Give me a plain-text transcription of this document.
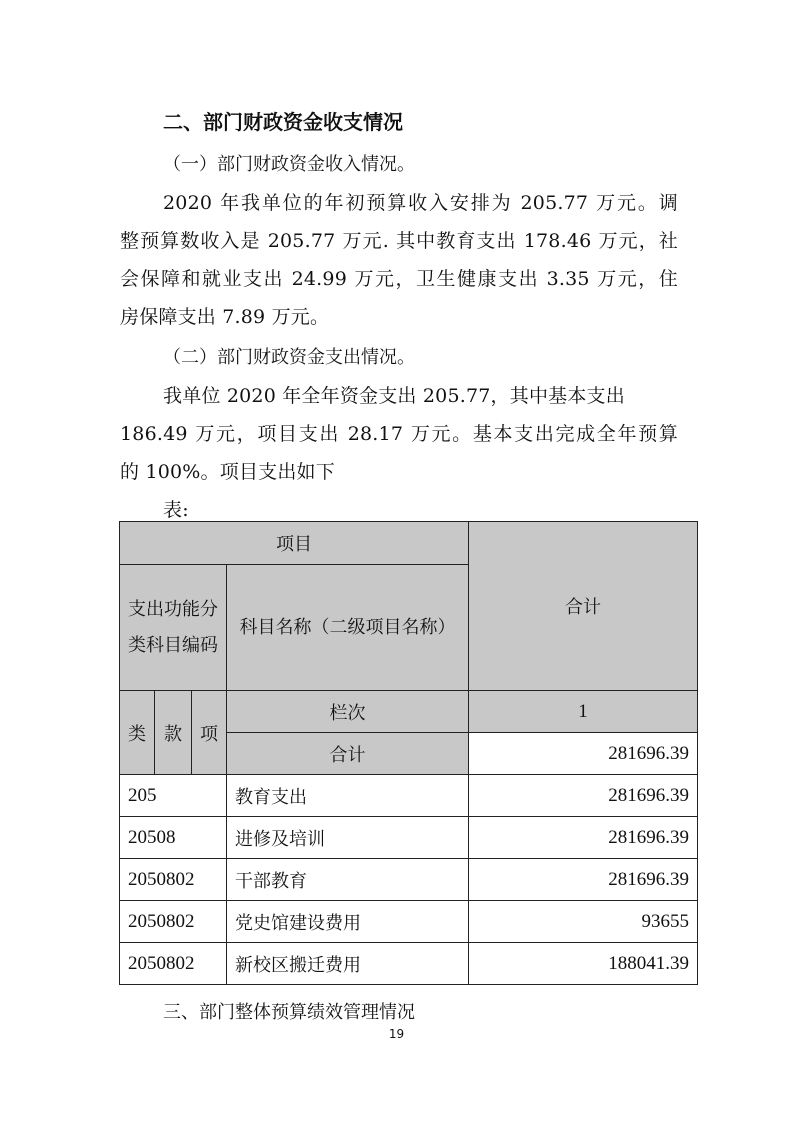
二、部门财政资金收支情况
（一）部门财政资金收入情况。
2020 年我单位的年初预算收入安排为 205.77 万元。调
整预算数收入是 205.77 万元. 其中教育支出 178.46 万元，社
会保障和就业支出 24.99 万元，卫生健康支出 3.35 万元，住
房保障支出 7.89 万元。
（二）部门财政资金支出情况。
我单位 2020 年全年资金支出 205.77，其中基本支出
186.49 万元，项目支出 28.17 万元。基本支出完成全年预算
的 100%。项目支出如下
表:
项目				合计
支出功能分类科目编码			科目名称（二级项目名称）	
类	款	项	栏次	1
			合计	281696.39
205			教育支出	281696.39
20508			进修及培训	281696.39
2050802			干部教育	281696.39
2050802			党史馆建设费用	93655
2050802			新校区搬迁费用	188041.39
三、部门整体预算绩效管理情况
19
